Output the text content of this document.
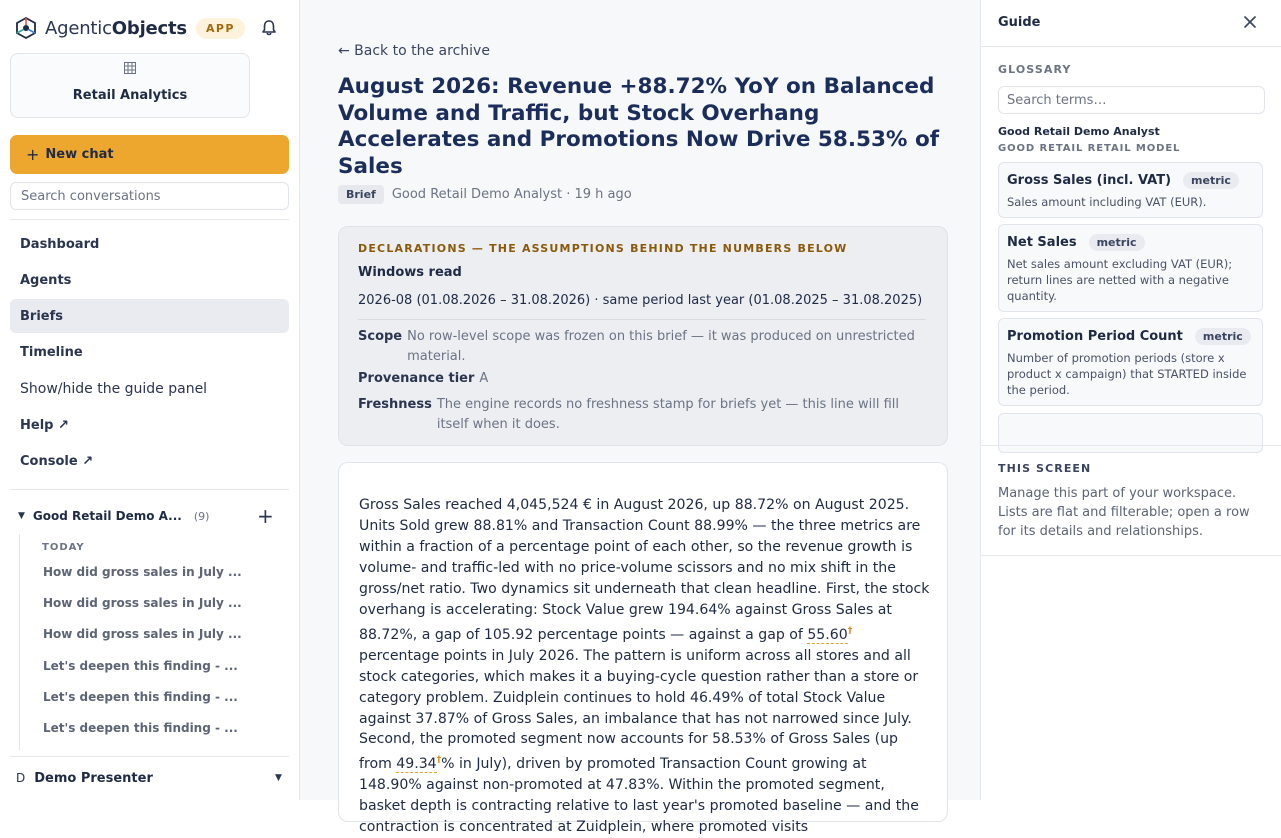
AgenticObjects	APP
Retail Analytics
+ New chat
Search conversations
Dashboard
Agents
Briefs
Timeline
Show/hide the guide panel
Help ↗
Console ↗
▼ Good Retail Demo A... (9) +
TODAY
How did gross sales in July ...
How did gross sales in July ...
How did gross sales in July ...
Let's deepen this finding - ...
Let's deepen this finding - ...
Let's deepen this finding - ...
D Demo Presenter	▼
← Back to the archive
August 2026: Revenue +88.72% YoY on Balanced Volume and Traffic, but Stock Overhang Accelerates and Promotions Now Drive 58.53% of Sales
Brief	Good Retail Demo Analyst · 19 h ago
DECLARATIONS — THE ASSUMPTIONS BEHIND THE NUMBERS BELOW
Windows read
2026-08 (01.08.2026 – 31.08.2026) · same period last year (01.08.2025 – 31.08.2025)
Scope No row-level scope was frozen on this brief — it was produced on unrestricted material.
Provenance tier A
Freshness The engine records no freshness stamp for briefs yet — this line will fill itself when it does.

Gross Sales reached 4,045,524 € in August 2026, up 88.72% on August 2025. Units Sold grew 88.81% and Transaction Count 88.99% — the three metrics are within a fraction of a percentage point of each other, so the revenue growth is volume- and traffic-led with no price-volume scissors and no mix shift in the gross/net ratio. Two dynamics sit underneath that clean headline. First, the stock overhang is accelerating: Stock Value grew 194.64% against Gross Sales at 88.72%, a gap of 105.92 percentage points — against a gap of 55.60† percentage points in July 2026. The pattern is uniform across all stores and all stock categories, which makes it a buying-cycle question rather than a store or category problem. Zuidplein continues to hold 46.49% of total Stock Value against 37.87% of Gross Sales, an imbalance that has not narrowed since July. Second, the promoted segment now accounts for 58.53% of Gross Sales (up from 49.34†% in July), driven by promoted Transaction Count growing at 148.90% against non-promoted at 47.83%. Within the promoted segment, basket depth is contracting relative to last year's promoted baseline — and the contraction is concentrated at Zuidplein, where promoted visits

Guide
GLOSSARY
Search terms…
Good Retail Demo Analyst
GOOD RETAIL RETAIL MODEL
Gross Sales (incl. VAT)	metric
Sales amount including VAT (EUR).
Net Sales	metric
Net sales amount excluding VAT (EUR); return lines are netted with a negative quantity.
Promotion Period Count	metric
Number of promotion periods (store x product x campaign) that STARTED inside the period.
THIS SCREEN
Manage this part of your workspace. Lists are flat and filterable; open a row for its details and relationships.
